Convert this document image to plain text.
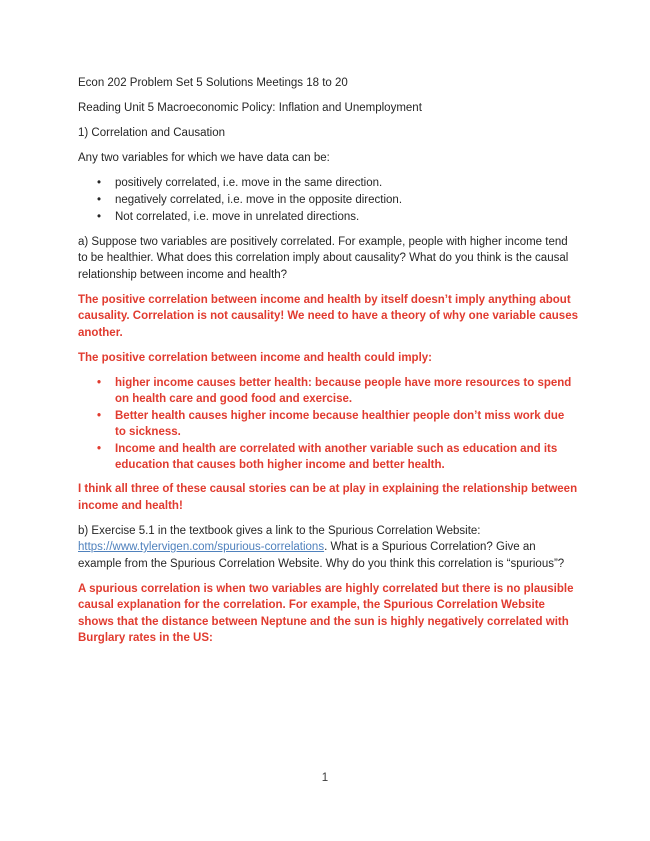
Econ 202 Problem Set 5 Solutions Meetings 18 to 20

Reading Unit 5 Macroeconomic Policy: Inflation and Unemployment

1) Correlation and Causation

Any two variables for which we have data can be:

• positively correlated, i.e. move in the same direction.
• negatively correlated, i.e. move in the opposite direction.
• Not correlated, i.e. move in unrelated directions.

a) Suppose two variables are positively correlated. For example, people with higher income tend to be healthier. What does this correlation imply about causality? What do you think is the causal relationship between income and health?

The positive correlation between income and health by itself doesn’t imply anything about causality. Correlation is not causality! We need to have a theory of why one variable causes another.

The positive correlation between income and health could imply:

• higher income causes better health: because people have more resources to spend on health care and good food and exercise.
• Better health causes higher income because healthier people don’t miss work due to sickness.
• Income and health are correlated with another variable such as education and its education that causes both higher income and better health.

I think all three of these causal stories can be at play in explaining the relationship between income and health!

b) Exercise 5.1 in the textbook gives a link to the Spurious Correlation Website: https://www.tylervigen.com/spurious-correlations. What is a Spurious Correlation? Give an example from the Spurious Correlation Website. Why do you think this correlation is “spurious”?

A spurious correlation is when two variables are highly correlated but there is no plausible causal explanation for the correlation. For example, the Spurious Correlation Website shows that the distance between Neptune and the sun is highly negatively correlated with Burglary rates in the US:

1
